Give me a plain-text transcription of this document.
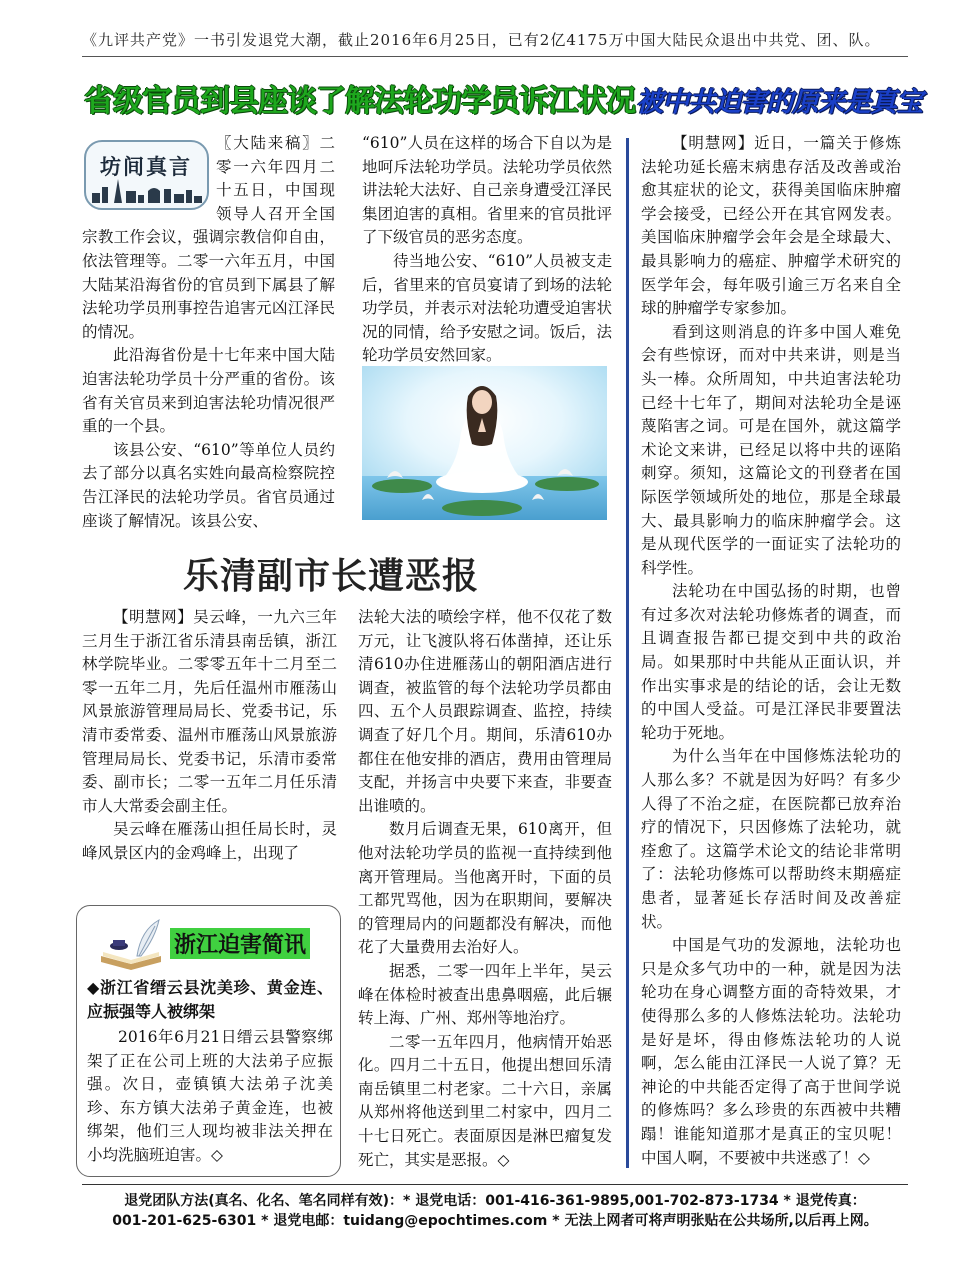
《九评共产党》一书引发退党大潮，截止2016年6月25日，已有2亿4175万中国大陆民众退出中共党、团、队。
省级官员到县座谈了解法轮功学员诉江状况 被中共迫害的原来是真宝
坊间真言

〖大陆来稿〗二零一六年四月二十五日，中国现领导人召开全国宗教工作会议，强调宗教信仰自由，依法管理等。二零一六年五月，中国大陆某沿海省份的官员到下属县了解法轮功学员刑事控告追害元凶江泽民的情况。

此沿海省份是十七年来中国大陆迫害法轮功学员十分严重的省份。该省有关官员来到迫害法轮功情况很严重的一个县。

该县公安、“610”等单位人员约去了部分以真名实姓向最高检察院控告江泽民的法轮功学员。省官员通过座谈了解情况。该县公安、

“610”人员在这样的场合下自以为是地呵斥法轮功学员。法轮功学员依然讲法轮大法好、自己亲身遭受江泽民集团迫害的真相。省里来的官员批评了下级官员的恶劣态度。

待当地公安、“610”人员被支走后，省里来的官员宴请了到场的法轮功学员，并表示对法轮功遭受迫害状况的同情，给予安慰之词。饭后，法轮功学员安然回家。

【明慧网】近日，一篇关于修炼法轮功延长癌末病患存活及改善或治愈其症状的论文，获得美国临床肿瘤学会接受，已经公开在其官网发表。美国临床肿瘤学会年会是全球最大、最具影响力的癌症、肿瘤学术研究的医学年会，每年吸引逾三万名来自全球的肿瘤学专家参加。

看到这则消息的许多中国人难免会有些惊讶，而对中共来讲，则是当头一棒。众所周知，中共迫害法轮功已经十七年了，期间对法轮功全是诬蔑陷害之词。可是在国外，就这篇学术论文来讲，已经足以将中共的诬陷刺穿。须知，这篇论文的刊登者在国际医学领域所处的地位，那是全球最大、最具影响力的临床肿瘤学会。这是从现代医学的一面证实了法轮功的科学性。

法轮功在中国弘扬的时期，也曾有过多次对法轮功修炼者的调查，而且调查报告都已提交到中共的政治局。如果那时中共能从正面认识，并作出实事求是的结论的话，会让无数的中国人受益。可是江泽民非要置法轮功于死地。

为什么当年在中国修炼法轮功的人那么多？不就是因为好吗？有多少人得了不治之症，在医院都已放弃治疗的情况下，只因修炼了法轮功，就痊愈了。这篇学术论文的结论非常明了：法轮功修炼可以帮助终末期癌症患者，显著延长存活时间及改善症状。

中国是气功的发源地，法轮功也只是众多气功中的一种，就是因为法轮功在身心调整方面的奇特效果，才使得那么多的人修炼法轮功。法轮功是好是坏，得由修炼法轮功的人说啊，怎么能由江泽民一人说了算？无神论的中共能否定得了高于世间学说的修炼吗？多么珍贵的东西被中共糟蹋！谁能知道那才是真正的宝贝呢！中国人啊，不要被中共迷惑了！◇

乐清副市长遭恶报

【明慧网】吴云峰，一九六三年三月生于浙江省乐清县南岳镇，浙江林学院毕业。二零零五年十二月至二零一五年二月，先后任温州市雁荡山风景旅游管理局局长、党委书记，乐清市委常委、温州市雁荡山风景旅游管理局局长、党委书记，乐清市委常委、副市长；二零一五年二月任乐清市人大常委会副主任。

吴云峰在雁荡山担任局长时，灵峰风景区内的金鸡峰上，出现了

法轮大法的喷绘字样，他不仅花了数万元，让飞渡队将石体凿掉，还让乐清610办住进雁荡山的朝阳酒店进行调查，被监管的每个法轮功学员都由四、五个人员跟踪调查、监控，持续调查了好几个月。期间，乐清610办都住在他安排的酒店，费用由管理局支配，并扬言中央要下来查，非要查出谁喷的。

数月后调查无果，610离开，但他对法轮功学员的监视一直持续到他离开管理局。当他离开时，下面的员工都咒骂他，因为在职期间，要解决的管理局内的问题都没有解决，而他花了大量费用去治好人。

据悉，二零一四年上半年，吴云峰在体检时被查出患鼻咽癌，此后辗转上海、广州、郑州等地治疗。

二零一五年四月，他病情开始恶化。四月二十五日，他提出想回乐清南岳镇里二村老家。二十六日，亲属从郑州将他送到里二村家中，四月二十七日死亡。表面原因是淋巴瘤复发死亡，其实是恶报。◇

浙江迫害简讯
◆浙江省缙云县沈美珍、黄金连、应振强等人被绑架

2016年6月21日缙云县警察绑架了正在公司上班的大法弟子应振强。次日，壶镇镇大法弟子沈美珍、东方镇大法弟子黄金连，也被绑架，他们三人现均被非法关押在小均洗脑班迫害。◇

退党团队方法(真名、化名、笔名同样有效)：* 退党电话：001-416-361-9895,001-702-873-1734 * 退党传真：
001-201-625-6301 * 退党电邮：tuidang@epochtimes.com * 无法上网者可将声明张贴在公共场所,以后再上网。
